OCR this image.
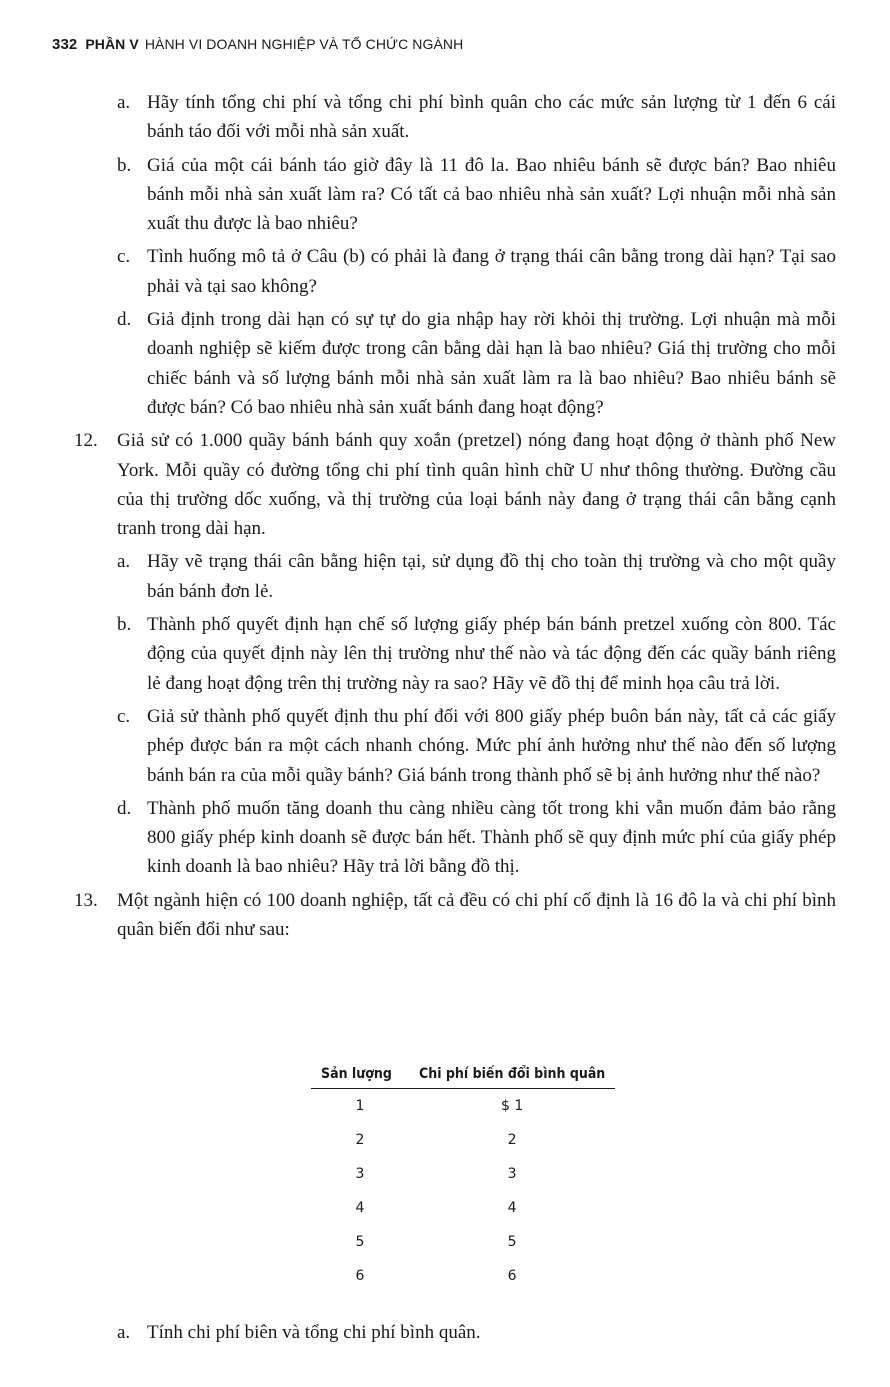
332 PHẦN V HÀNH VI DOANH NGHIỆP VÀ TỔ CHỨC NGÀNH
a. Hãy tính tổng chi phí và tổng chi phí bình quân cho các mức sản lượng từ 1 đến 6 cái bánh táo đối với mỗi nhà sản xuất.
b. Giá của một cái bánh táo giờ đây là 11 đô la. Bao nhiêu bánh sẽ được bán? Bao nhiêu bánh mỗi nhà sản xuất làm ra? Có tất cả bao nhiêu nhà sản xuất? Lợi nhuận mỗi nhà sản xuất thu được là bao nhiêu?
c. Tình huống mô tả ở Câu (b) có phải là đang ở trạng thái cân bằng trong dài hạn? Tại sao phải và tại sao không?
d. Giả định trong dài hạn có sự tự do gia nhập hay rời khỏi thị trường. Lợi nhuận mà mỗi doanh nghiệp sẽ kiếm được trong cân bằng dài hạn là bao nhiêu? Giá thị trường cho mỗi chiếc bánh và số lượng bánh mỗi nhà sản xuất làm ra là bao nhiêu? Bao nhiêu bánh sẽ được bán? Có bao nhiêu nhà sản xuất bánh đang hoạt động?
12. Giả sử có 1.000 quầy bánh bánh quy xoắn (pretzel) nóng đang hoạt động ở thành phố New York. Mỗi quầy có đường tổng chi phí tình quân hình chữ U như thông thường. Đường cầu của thị trường dốc xuống, và thị trường của loại bánh này đang ở trạng thái cân bằng cạnh tranh trong dài hạn.
a. Hãy vẽ trạng thái cân bằng hiện tại, sử dụng đồ thị cho toàn thị trường và cho một quầy bán bánh đơn lẻ.
b. Thành phố quyết định hạn chế số lượng giấy phép bán bánh pretzel xuống còn 800. Tác động của quyết định này lên thị trường như thế nào và tác động đến các quầy bánh riêng lẻ đang hoạt động trên thị trường này ra sao? Hãy vẽ đồ thị để minh họa câu trả lời.
c. Giả sử thành phố quyết định thu phí đối với 800 giấy phép buôn bán này, tất cả các giấy phép được bán ra một cách nhanh chóng. Mức phí ảnh hưởng như thế nào đến số lượng bánh bán ra của mỗi quầy bánh? Giá bánh trong thành phố sẽ bị ảnh hưởng như thế nào?
d. Thành phố muốn tăng doanh thu càng nhiều càng tốt trong khi vẫn muốn đảm bảo rằng 800 giấy phép kinh doanh sẽ được bán hết. Thành phố sẽ quy định mức phí của giấy phép kinh doanh là bao nhiêu? Hãy trả lời bằng đồ thị.
13. Một ngành hiện có 100 doanh nghiệp, tất cả đều có chi phí cố định là 16 đô la và chi phí bình quân biến đổi như sau:
Sản lượng	Chi phí biến đổi bình quân
1	$ 1
2	2
3	3
4	4
5	5
6	6
a. Tính chi phí biên và tổng chi phí bình quân.
